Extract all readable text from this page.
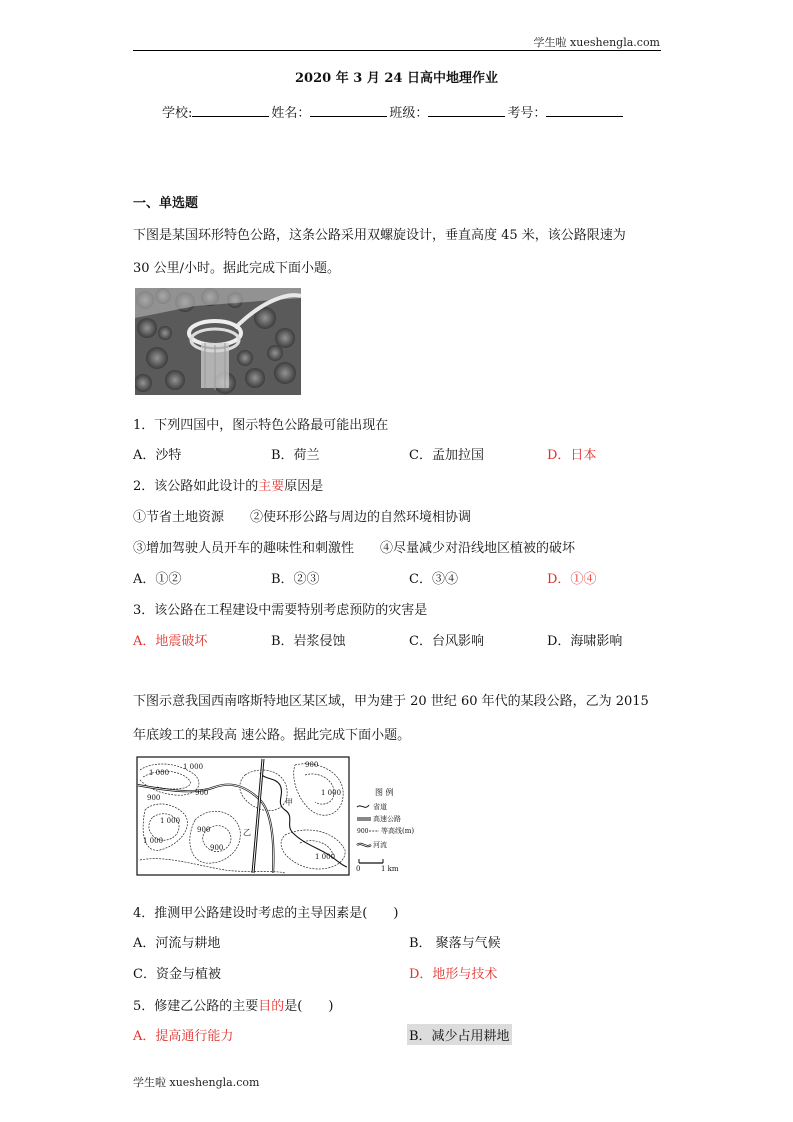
学生啦 xueshengla.com
2020 年 3 月 24 日高中地理作业
学校:	姓名：	班级：	考号：
一、单选题
下图是某国环形特色公路，这条公路采用双螺旋设计，垂直高度 45 米，该公路限速为
30 公里/小时。据此完成下面小题。
1．下列四国中，图示特色公路最可能出现在
A．沙特	B．荷兰	C．孟加拉国	D．日本
2．该公路如此设计的主要原因是
①节省土地资源　　②使环形公路与周边的自然环境相协调
③增加驾驶人员开车的趣味性和刺激性　　④尽量减少对沿线地区植被的破坏
A．①②	B．②③	C．③④	D．①④
3．该公路在工程建设中需要特别考虑预防的灾害是
A．地震破坏	B．岩浆侵蚀	C．台风影响	D．海啸影响
下图示意我国西南喀斯特地区某区域，甲为建于 20 世纪 60 年代的某段公路，乙为 2015
年底竣工的某段高 速公路。据此完成下面小题。
1 000
1 000
1 000
1 000
1 000
1 000
900
900
900
900
900
甲
乙
图 例
省道
高速公路
900 等高线(m)
河流
0	1 km
4．推测甲公路建设时考虑的主导因素是(　　)
A．河流与耕地	B． 聚落与气候
C．资金与植被	D．地形与技术
5．修建乙公路的主要目的是(　　)
A．提高通行能力	B．减少占用耕地
学生啦 xueshengla.com
